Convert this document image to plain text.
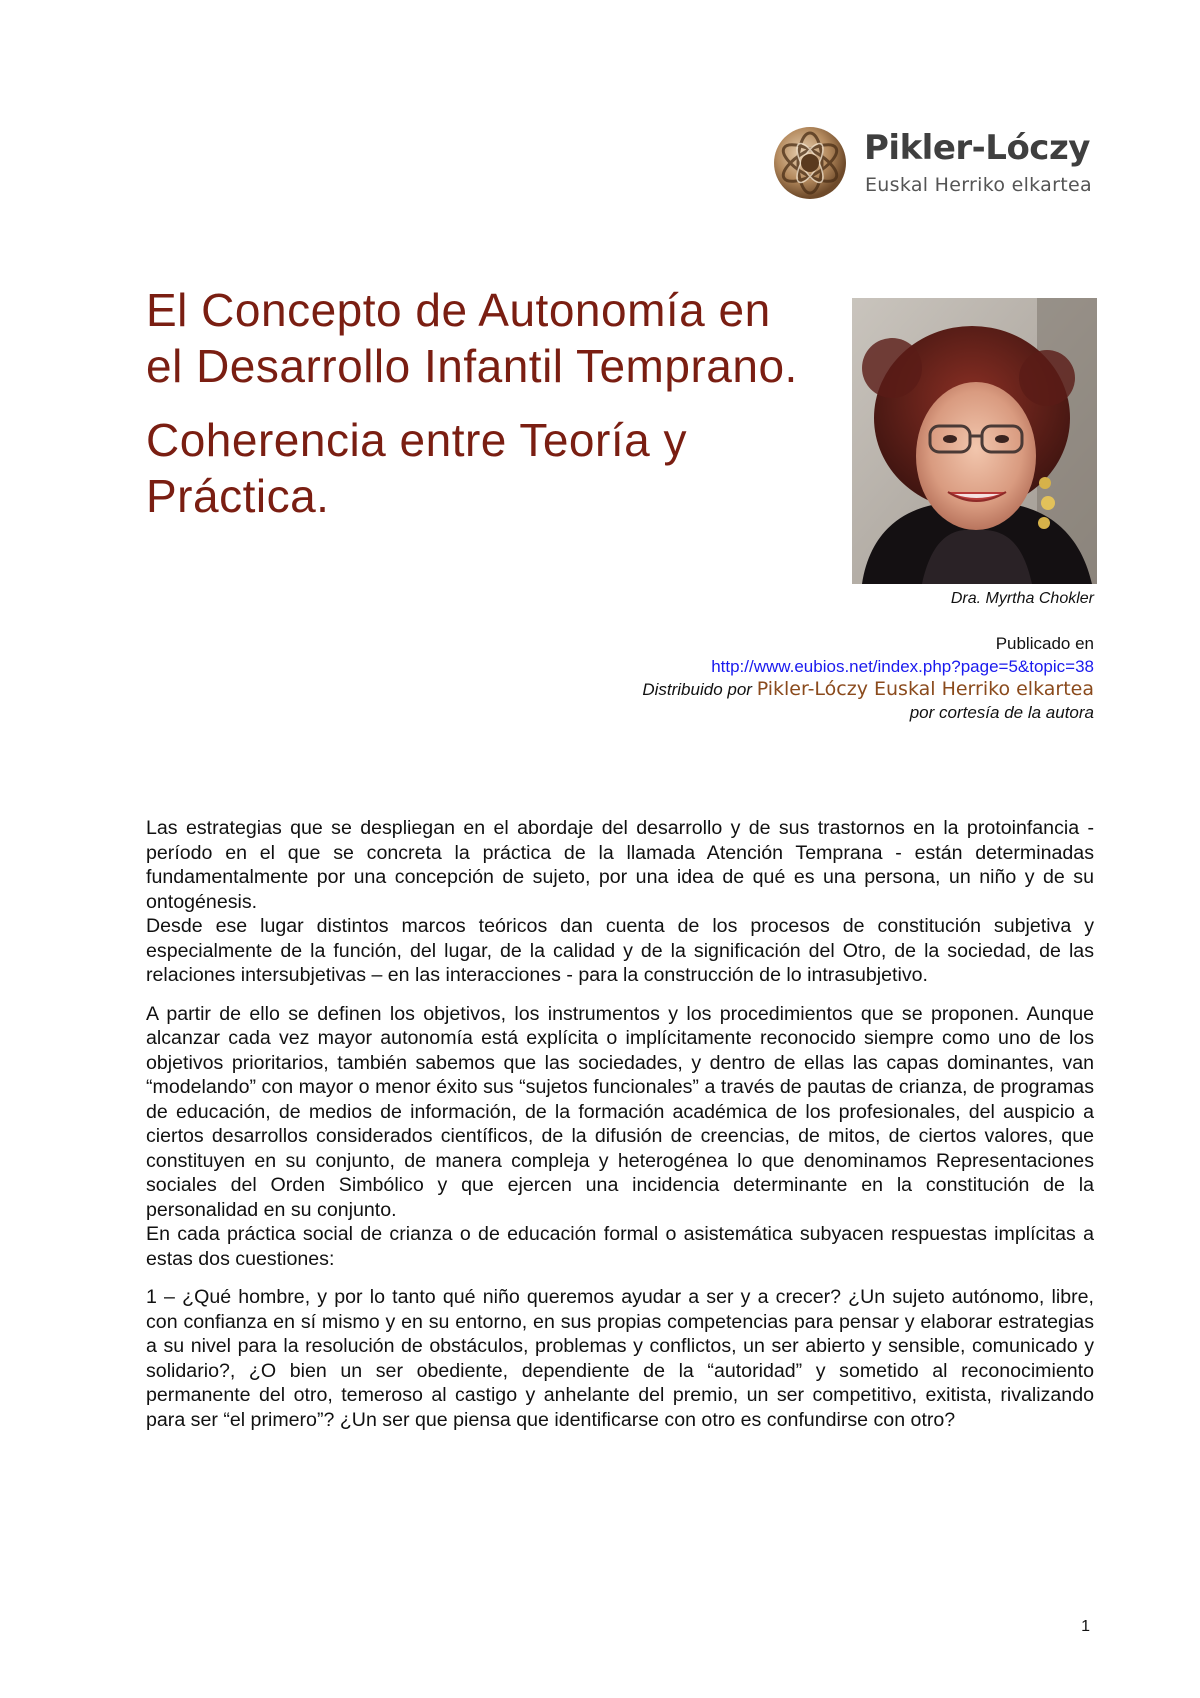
Pikler-Lóczy
Euskal Herriko elkartea
El Concepto de Autonomía en el Desarrollo Infantil Temprano.
Coherencia entre Teoría y Práctica.
Dra. Myrtha Chokler
Publicado en
http://www.eubios.net/index.php?page=5&topic=38
Distribuido por Pikler-Lóczy Euskal Herriko elkartea
por cortesía de la autora

Las estrategias que se despliegan en el abordaje del desarrollo y de sus trastornos en la protoinfancia - período en el que se concreta la práctica de la llamada Atención Temprana - están determinadas fundamentalmente por una concepción de sujeto, por una idea de qué es una persona, un niño y de su ontogénesis.

Desde ese lugar distintos marcos teóricos dan cuenta de los procesos de constitución subjetiva y especialmente de la función, del lugar, de la calidad y de la significación del Otro, de la sociedad, de las relaciones intersubjetivas – en las interacciones - para la construcción de lo intrasubjetivo.

A partir de ello se definen los objetivos, los instrumentos y los procedimientos que se proponen. Aunque alcanzar cada vez mayor autonomía está explícita o implícitamente reconocido siempre como uno de los objetivos prioritarios, también sabemos que las sociedades, y dentro de ellas las capas dominantes, van “modelando” con mayor o menor éxito sus “sujetos funcionales” a través de pautas de crianza, de programas de educación, de medios de información, de la formación académica de los profesionales, del auspicio a ciertos desarrollos considerados científicos, de la difusión de creencias, de mitos, de ciertos valores, que constituyen en su conjunto, de manera compleja y heterogénea lo que denominamos Representaciones sociales del Orden Simbólico y que ejercen una incidencia determinante en la constitución de la personalidad en su conjunto.

En cada práctica social de crianza o de educación formal o asistemática subyacen respuestas implícitas a estas dos cuestiones:

1 – ¿Qué hombre, y por lo tanto qué niño queremos ayudar a ser y a crecer? ¿Un sujeto autónomo, libre, con confianza en sí mismo y en su entorno, en sus propias competencias para pensar y elaborar estrategias a su nivel para la resolución de obstáculos, problemas y conflictos, un ser abierto y sensible, comunicado y solidario?, ¿O bien un ser obediente, dependiente de la “autoridad” y sometido al reconocimiento permanente del otro, temeroso al castigo y anhelante del premio, un ser competitivo, exitista, rivalizando para ser “el primero”? ¿Un ser que piensa que identificarse con otro es confundirse con otro?

1
